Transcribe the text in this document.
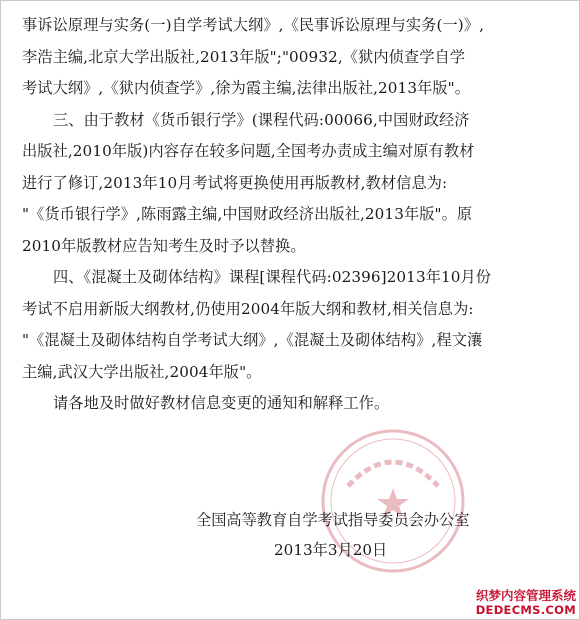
事诉讼原理与实务(一)自学考试大纲》,《民事诉讼原理与实务(一)》,

李浩主编,北京大学出版社,2013年版";"00932,《狱内侦查学自学

考试大纲》,《狱内侦查学》,徐为霞主编,法律出版社,2013年版"。

三、由于教材《货币银行学》(课程代码:00066,中国财政经济

出版社,2010年版)内容存在较多问题,全国考办责成主编对原有教材

进行了修订,2013年10月考试将更换使用再版教材,教材信息为:

"《货币银行学》,陈雨露主编,中国财政经济出版社,2013年版"。原

2010年版教材应告知考生及时予以替换。

四、《混凝土及砌体结构》课程[课程代码:02396]2013年10月份

考试不启用新版大纲教材,仍使用2004年版大纲和教材,相关信息为:

"《混凝土及砌体结构自学考试大纲》,《混凝土及砌体结构》,程文瀼

主编,武汉大学出版社,2004年版"。

请各地及时做好教材信息变更的通知和解释工作。

全国高等教育自学考试指导委员会办公室
2013年3月20日
织梦内容管理系统
DEDECMS.COM
